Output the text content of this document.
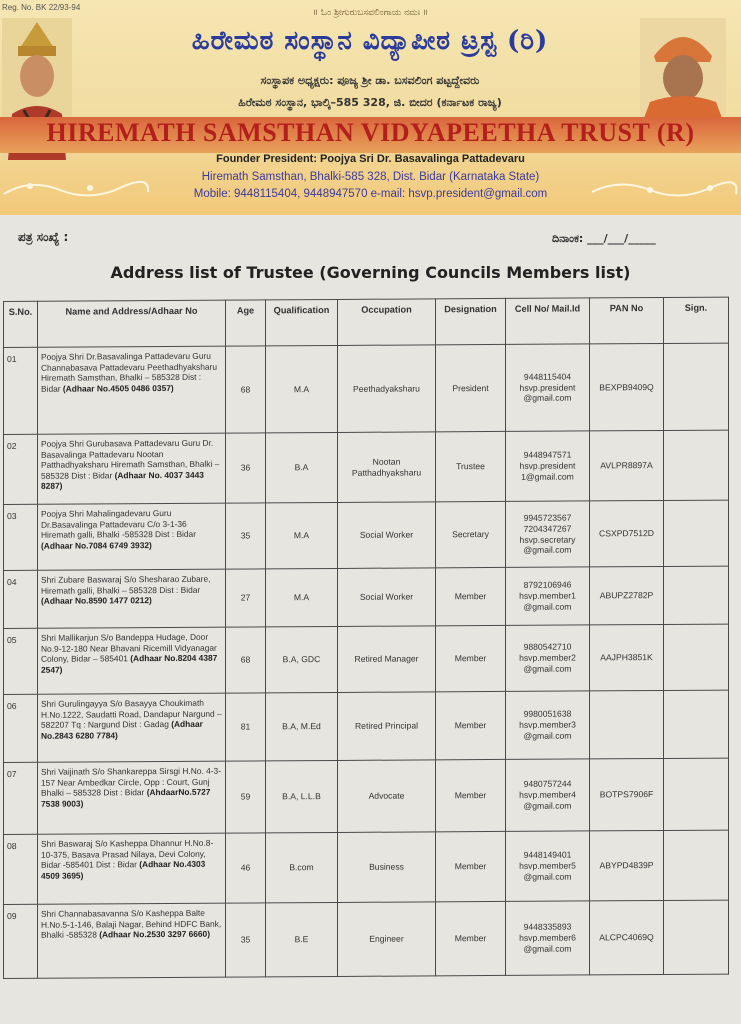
Reg. No. BK 22/93-94
॥ ಓಂ ಶ್ರೀಗುರುಬಸವಲಿಂಗಾಯ ನಮಃ ॥
ಹಿರೇಮಠ ಸಂಸ್ಥಾನ ವಿದ್ಯಾಪೀಠ ಟ್ರಸ್ಟ (ರಿ)
ಸಂಸ್ಥಾಪಕ ಅಧ್ಯಕ್ಷರು: ಪೂಜ್ಯ ಶ್ರೀ ಡಾ. ಬಸವಲಿಂಗ ಪಟ್ಟದ್ದೇವರು
ಹಿರೇಮಠ ಸಂಸ್ಥಾನ, ಭಾಲ್ಕಿ–585 328, ಜಿ. ಬೀದರ (ಕರ್ನಾಟಕ ರಾಜ್ಯ)
HIREMATH SAMSTHAN VIDYAPEETHA TRUST (R)
Founder President: Poojya Sri Dr. Basavalinga Pattadevaru
Hiremath Samsthan, Bhalki-585 328, Dist. Bidar (Karnataka State)
Mobile: 9448115404, 9448947570 e-mail: hsvp.president@gmail.com
ಪತ್ರ ಸಂಖ್ಯೆ :	ದಿನಾಂಕ: ___/___/_____
Address list of Trustee (Governing Councils Members list)
S.No.	Name and Address/Adhaar No	Age	Qualification	Occupation	Designation	Cell No/ Mail.Id	PAN No	Sign.
01	Poojya Shri Dr.Basavalinga Pattadevaru Guru Channabasava Pattadevaru Peethadhyaksharu Hiremath Samsthan, Bhalki – 585328 Dist : Bidar (Adhaar No.4505 0486 0357)	68	M.A	Peethadyaksharu	President	9448115404 hsvp.president @gmail.com	BEXPB9409Q	
02	Poojya Shri Gurubasava Pattadevaru Guru Dr. Basavalinga Pattadevaru Nootan Patthadhyaksharu Hiremath Samsthan, Bhalki – 585328 Dist : Bidar (Adhaar No. 4037 3443 8287)	36	B.A	Nootan Patthadhyaksharu	Trustee	9448947571 hsvp.president 1@gmail.com	AVLPR8897A	
03	Poojya Shri Mahalingadevaru Guru Dr.Basavalinga Pattadevaru C/o 3-1-36 Hiremath galli, Bhalki -585328 Dist : Bidar (Adhaar No.7084 6749 3932)	35	M.A	Social Worker	Secretary	9945723567 7204347267 hsvp.secretary @gmail.com	CSXPD7512D	
04	Shri Zubare Baswaraj S/o Shesharao Zubare, Hiremath galli, Bhalki – 585328 Dist : Bidar (Adhaar No.8590 1477 0212)	27	M.A	Social Worker	Member	8792106946 hsvp.member1 @gmail.com	ABUPZ2782P	
05	Shri Mallikarjun S/o Bandeppa Hudage, Door No.9-12-180 Near Bhavani Ricemill Vidyanagar Colony, Bidar – 585401 (Adhaar No.8204 4387 2547)	68	B.A, GDC	Retired Manager	Member	9880542710 hsvp.member2 @gmail.com	AAJPH3851K	
06	Shri Gurulingayya S/o Basayya Choukimath H.No.1222, Saudatti Road, Dandapur Nargund – 582207 Tq : Nargund Dist : Gadag (Adhaar No.2843 6280 7784)	81	B.A, M.Ed	Retired Principal	Member	9980051638 hsvp.member3 @gmail.com		
07	Shri Vaijinath S/o Shankareppa Sirsgi H.No. 4-3-157 Near Ambedkar Circle, Opp : Court, Gunj Bhalki – 585328 Dist : Bidar (AhdaarNo.5727 7538 9003)	59	B.A, L.L.B	Advocate	Member	9480757244 hsvp.member4 @gmail.com	BOTPS7906F	
08	Shri Baswaraj S/o Kasheppa Dhannur H.No.8-10-375, Basava Prasad Nilaya, Devi Colony, Bidar -585401 Dist : Bidar (Adhaar No.4303 4509 3695)	46	B.com	Business	Member	9448149401 hsvp.member5 @gmail.com	ABYPD4839P	
09	Shri Channabasavanna S/o Kasheppa Balte H.No.5-1-146, Balaji Nagar, Behind HDFC Bank, Bhalki -585328 (Adhaar No.2530 3297 6660)	35	B.E	Engineer	Member	9448335893 hsvp.member6 @gmail.com	ALCPC4069Q	
